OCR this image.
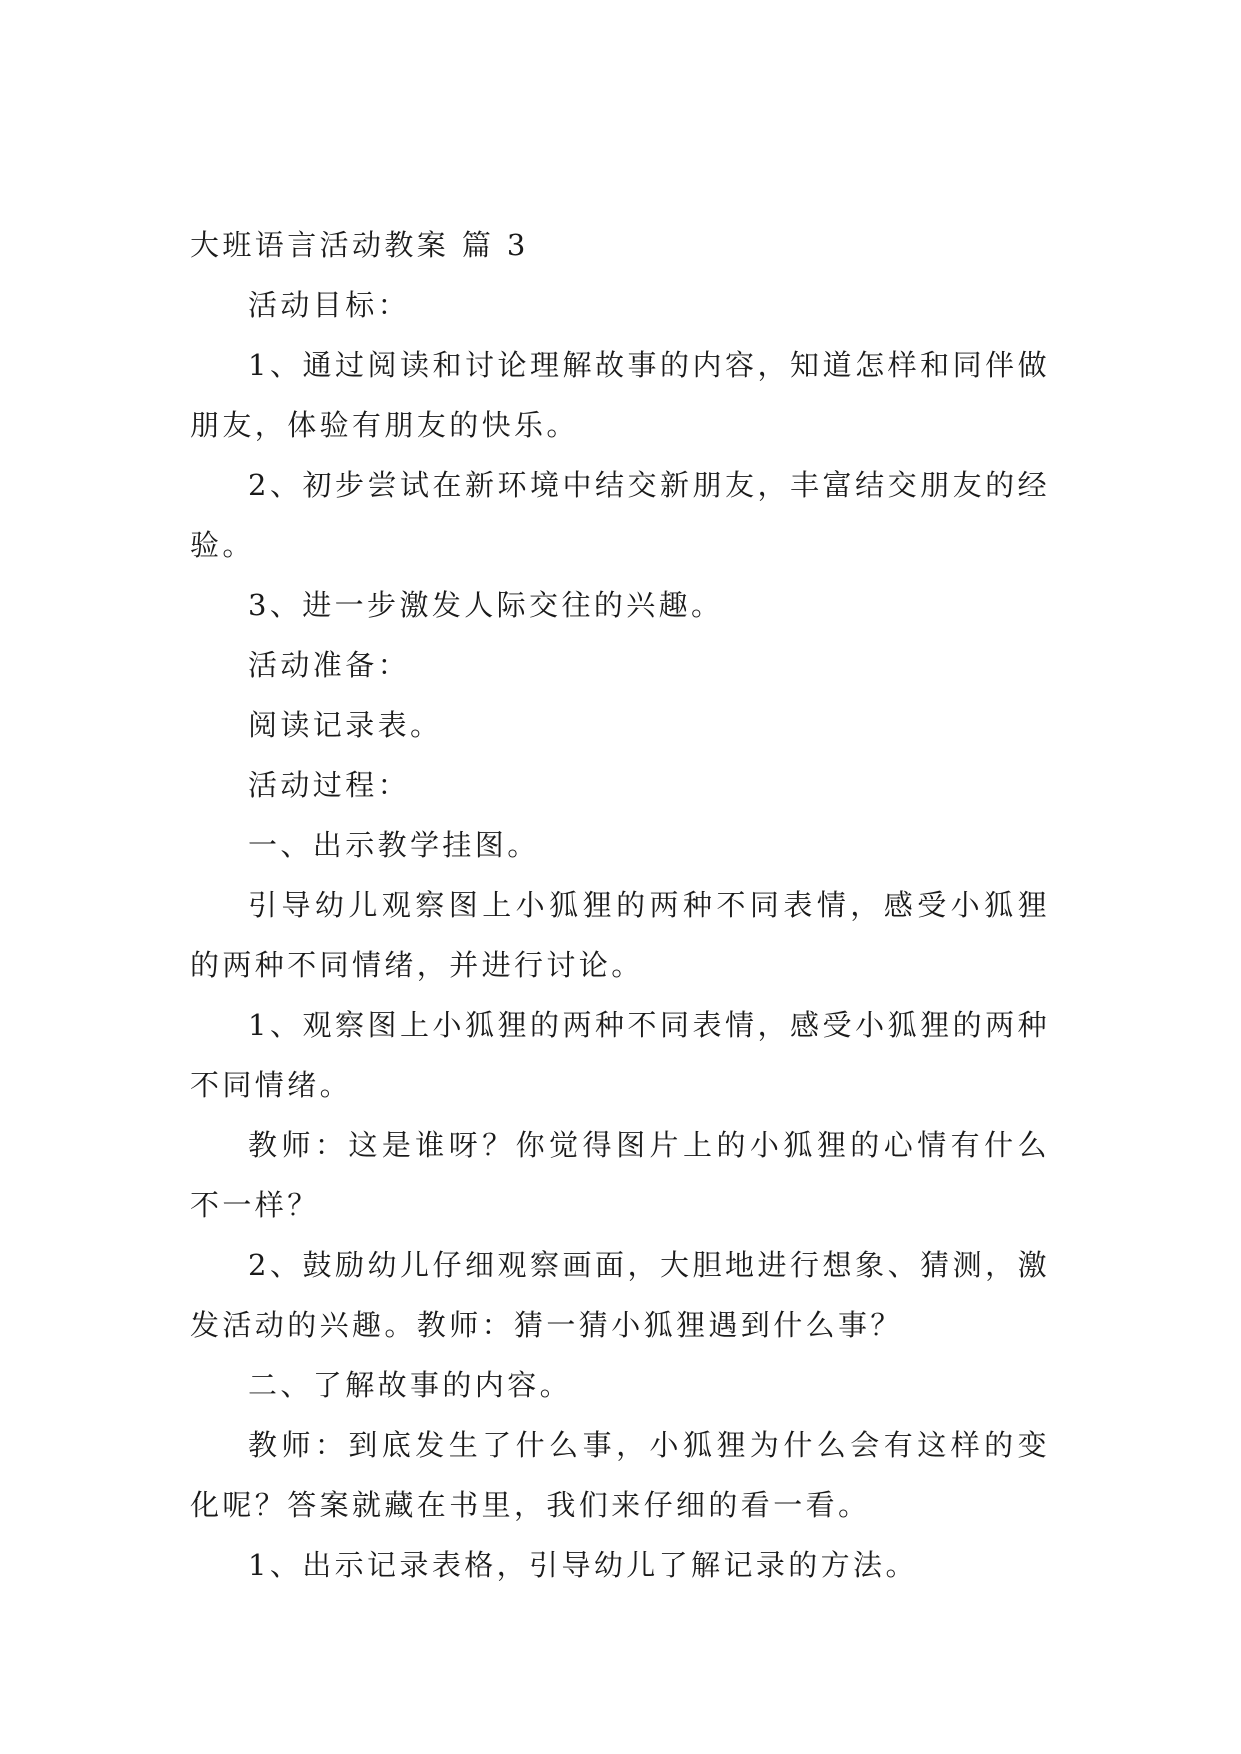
大班语言活动教案 篇 3

活动目标：

1、通过阅读和讨论理解故事的内容，知道怎样和同伴做朋友，体验有朋友的快乐。

2、初步尝试在新环境中结交新朋友，丰富结交朋友的经验。

3、进一步激发人际交往的兴趣。

活动准备：

阅读记录表。

活动过程：

一、出示教学挂图。

引导幼儿观察图上小狐狸的两种不同表情，感受小狐狸的两种不同情绪，并进行讨论。

1、观察图上小狐狸的两种不同表情，感受小狐狸的两种不同情绪。

教师：这是谁呀？你觉得图片上的小狐狸的心情有什么不一样？

2、鼓励幼儿仔细观察画面，大胆地进行想象、猜测，激发活动的兴趣。教师：猜一猜小狐狸遇到什么事？

二、了解故事的内容。

教师：到底发生了什么事，小狐狸为什么会有这样的变化呢？答案就藏在书里，我们来仔细的看一看。

1、出示记录表格，引导幼儿了解记录的方法。
